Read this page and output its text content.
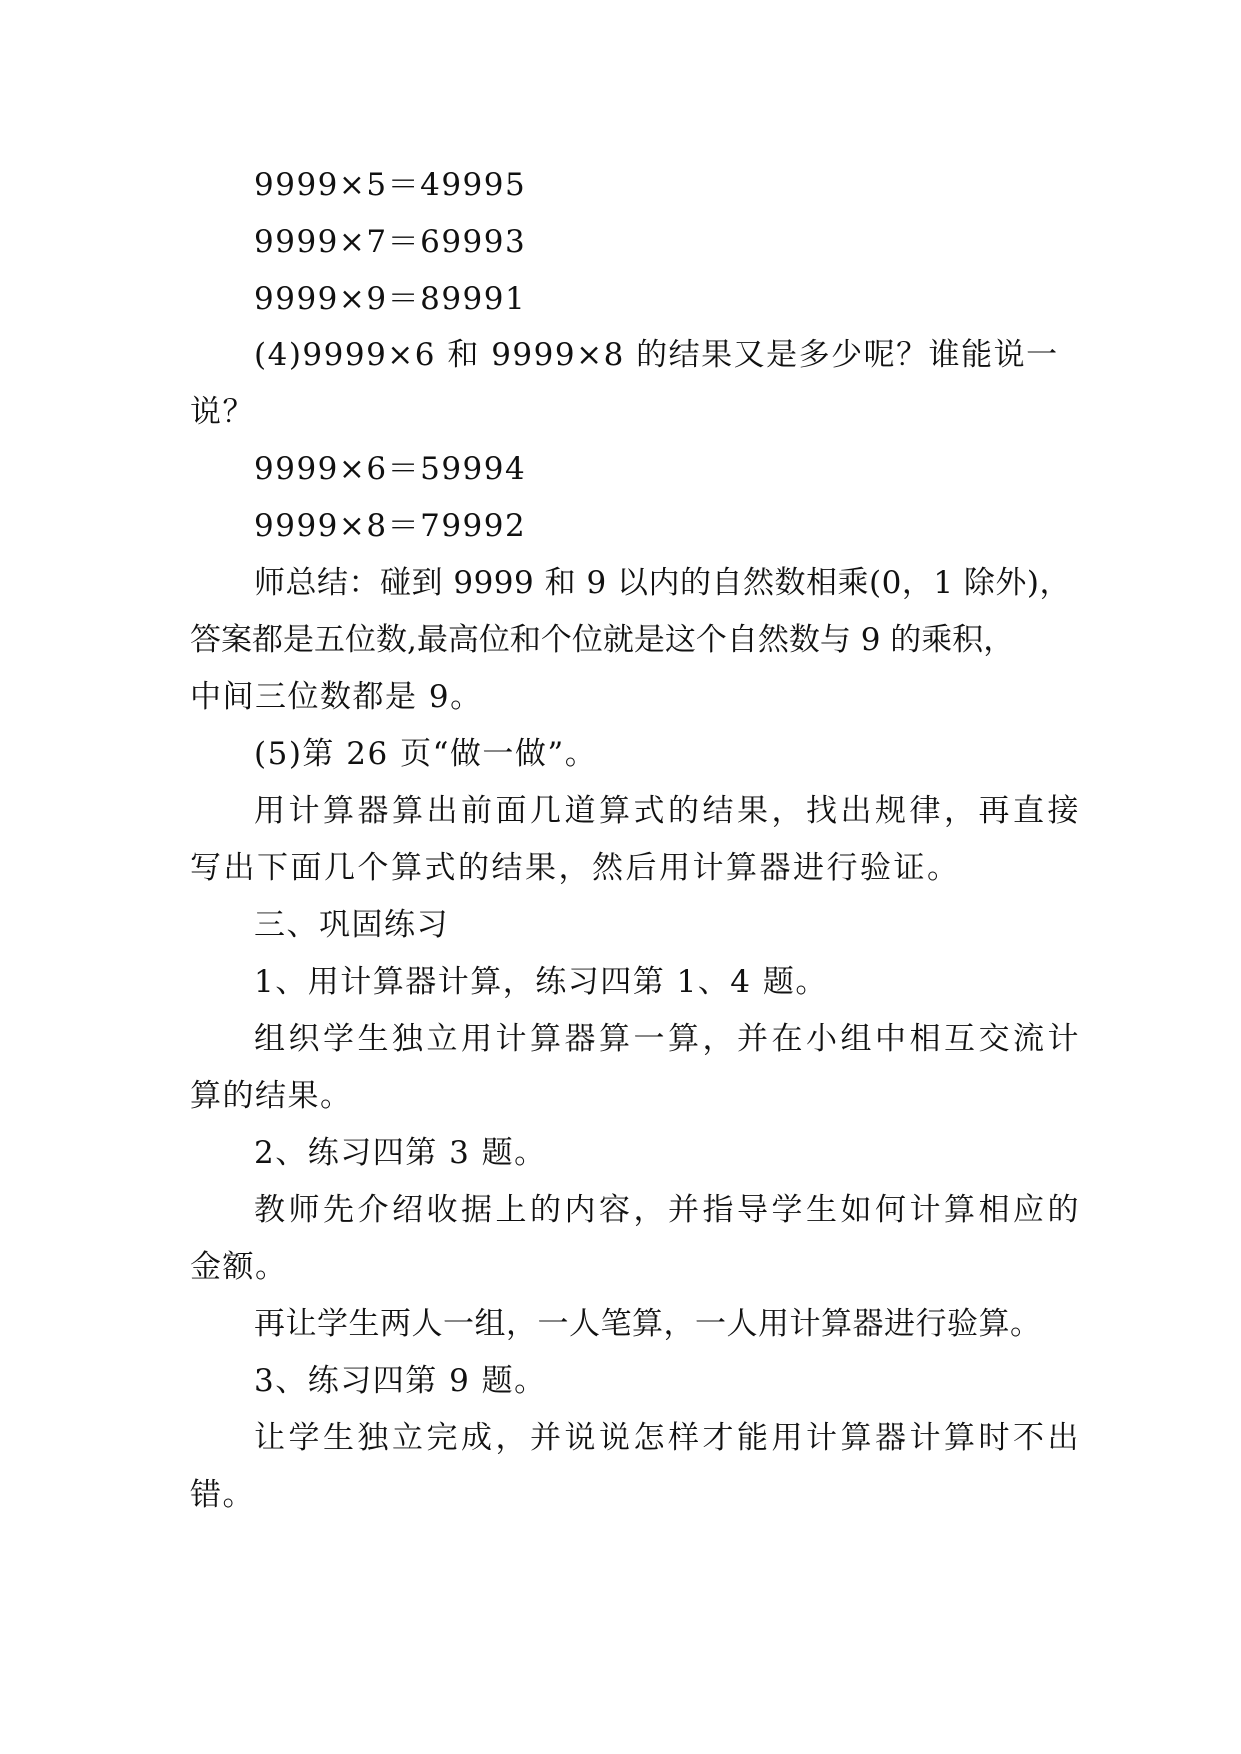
9999×5＝49995
9999×7＝69993
9999×9＝89991
(4)9999×6 和 9999×8 的结果又是多少呢？谁能说一
说？
9999×6＝59994
9999×8＝79992
师总结：碰到 9999 和 9 以内的自然数相乘(0，1 除外)，
答案都是五位数,最高位和个位就是这个自然数与 9 的乘积，
中间三位数都是 9。
(5)第 26 页“做一做”。
用计算器算出前面几道算式的结果，找出规律，再直接
写出下面几个算式的结果，然后用计算器进行验证。
三、巩固练习
1、用计算器计算，练习四第 1、4 题。
组织学生独立用计算器算一算，并在小组中相互交流计
算的结果。
2、练习四第 3 题。
教师先介绍收据上的内容，并指导学生如何计算相应的
金额。
再让学生两人一组，一人笔算，一人用计算器进行验算。
3、练习四第 9 题。
让学生独立完成，并说说怎样才能用计算器计算时不出
错。
